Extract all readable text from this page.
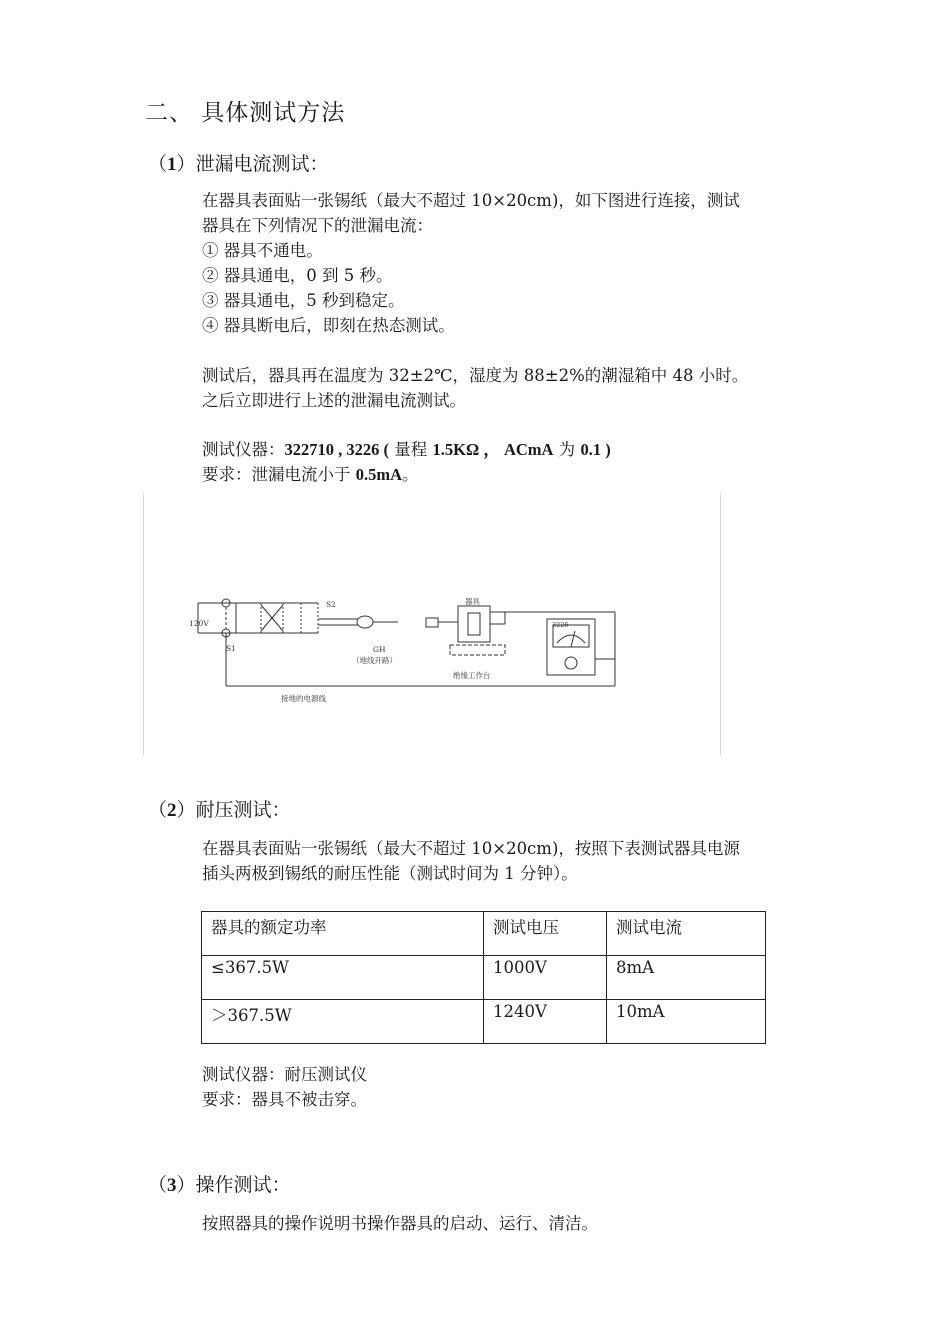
二、 具体测试方法
（1）泄漏电流测试：
在器具表面贴一张锡纸（最大不超过 10×20cm)，如下图进行连接，测试
器具在下列情况下的泄漏电流：
① 器具不通电。
② 器具通电，0 到 5 秒。
③ 器具通电，5 秒到稳定。
④ 器具断电后，即刻在热态测试。
测试后，器具再在温度为 32±2℃，湿度为 88±2%的潮湿箱中 48 小时。
之后立即进行上述的泄漏电流测试。
测试仪器：322710 , 3226 ( 量程 1.5KΩ ， ACmA 为 0.1 )
要求：泄漏电流小于 0.5mA。
120V
S1
S2
GH
（地线开路）
器具
3226
绝缘工作台
接地的电源线
（2）耐压测试：
在器具表面贴一张锡纸（最大不超过 10×20cm)，按照下表测试器具电源
插头两极到锡纸的耐压性能（测试时间为 1 分钟）。
器具的额定功率	测试电压	测试电流
≤367.5W	1000V	8mA
＞367.5W	1240V	10mA
测试仪器：耐压测试仪
要求：器具不被击穿。
（3）操作测试：
按照器具的操作说明书操作器具的启动、运行、清洁。
